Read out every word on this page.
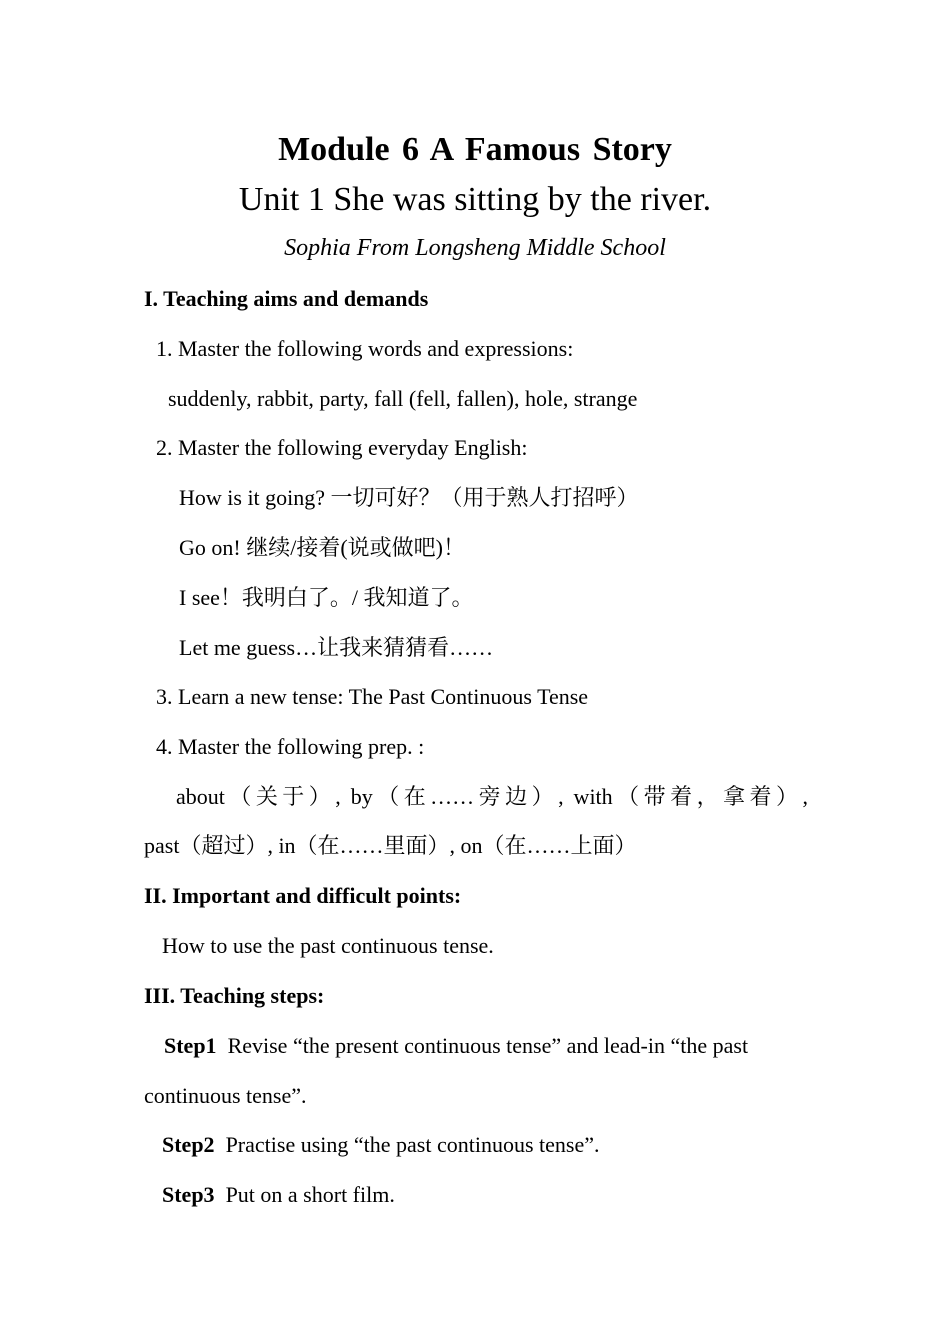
Module 6 A Famous Story
Unit 1 She was sitting by the river.
Sophia From Longsheng Middle School
I. Teaching aims and demands
1. Master the following words and expressions:
suddenly, rabbit, party, fall (fell, fallen), hole, strange
2. Master the following everyday English:
How is it going? 一切可好？（用于熟人打招呼）
Go on! 继续/接着(说或做吧)！
I see！我明白了。/ 我知道了。
Let me guess…让我来猜猜看……
3. Learn a new tense: The Past Continuous Tense
4. Master the following prep. :
about（关于）, by（在……旁边）, with（带着，拿着）,
past（超过）, in（在……里面）, on（在……上面）
II. Important and difficult points:
How to use the past continuous tense.
III. Teaching steps:
Step1 Revise “the present continuous tense” and lead-in “the past
continuous tense”.
Step2 Practise using “the past continuous tense”.
Step3 Put on a short film.
